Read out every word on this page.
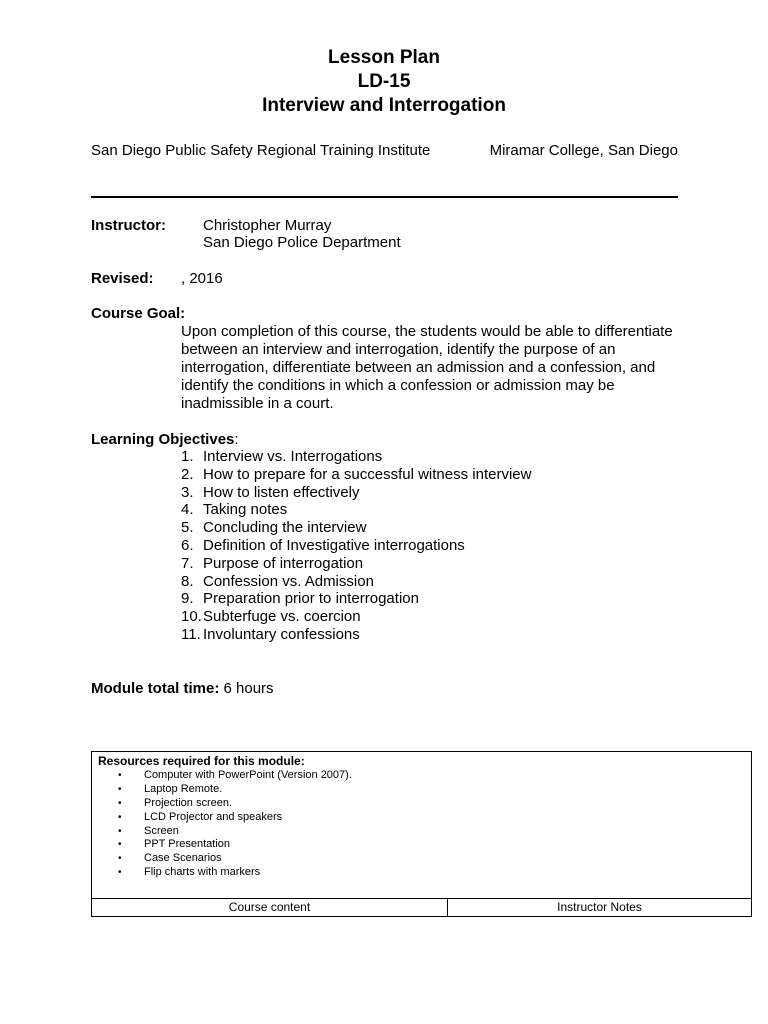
Lesson Plan
LD-15
Interview and Interrogation
San Diego Public Safety Regional Training Institute	Miramar College, San Diego
Instructor: Christopher Murray
San Diego Police Department
Revised: , 2016
Course Goal:
Upon completion of this course, the students would be able to differentiate between an interview and interrogation, identify the purpose of an interrogation, differentiate between an admission and a confession, and identify the conditions in which a confession or admission may be inadmissible in a court.
Learning Objectives:
1. Interview vs. Interrogations
2. How to prepare for a successful witness interview
3. How to listen effectively
4. Taking notes
5. Concluding the interview
6. Definition of Investigative interrogations
7. Purpose of interrogation
8. Confession vs. Admission
9. Preparation prior to interrogation
10.Subterfuge vs. coercion
11. Involuntary confessions
Module total time: 6 hours
Resources required for this module:
• Computer with PowerPoint (Version 2007).
• Laptop Remote.
• Projection screen.
• LCD Projector and speakers
• Screen
• PPT Presentation
• Case Scenarios
• Flip charts with markers
Course content	Instructor Notes
